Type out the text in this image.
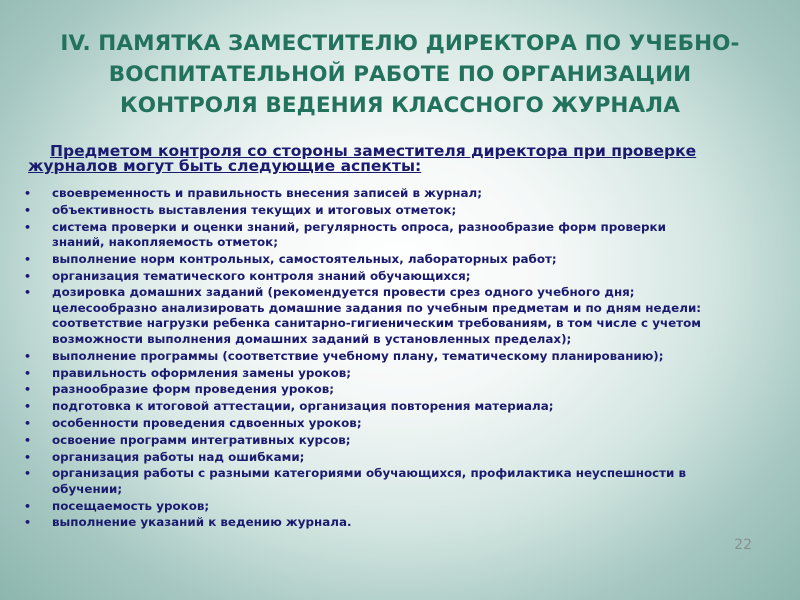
IV. ПАМЯТКА ЗАМЕСТИТЕЛЮ ДИРЕКТОРА ПО УЧЕБНО-
ВОСПИТАТЕЛЬНОЙ РАБОТЕ ПО ОРГАНИЗАЦИИ
КОНТРОЛЯ ВЕДЕНИЯ КЛАССНОГО ЖУРНАЛА
Предметом контроля со стороны заместителя директора при проверке
журналов могут быть следующие аспекты:
• своевременность и правильность внесения записей в журнал;
• объективность выставления текущих и итоговых отметок;
• система проверки и оценки знаний, регулярность опроса, разнообразие форм проверки
знаний, накопляемость отметок;
• выполнение норм контрольных, самостоятельных, лабораторных работ;
• организация тематического контроля знаний обучающихся;
• дозировка домашних заданий (рекомендуется провести срез одного учебного дня;
целесообразно анализировать домашние задания по учебным предметам и по дням недели:
соответствие нагрузки ребенка санитарно-гигиеническим требованиям, в том числе с учетом
возможности выполнения домашних заданий в установленных пределах);
• выполнение программы (соответствие учебному плану, тематическому планированию);
• правильность оформления замены уроков;
• разнообразие форм проведения уроков;
• подготовка к итоговой аттестации, организация повторения материала;
• особенности проведения сдвоенных уроков;
• освоение программ интегративных курсов;
• организация работы над ошибками;
• организация работы с разными категориями обучающихся, профилактика неуспешности в
обучении;
• посещаемость уроков;
• выполнение указаний к ведению журнала.
22
